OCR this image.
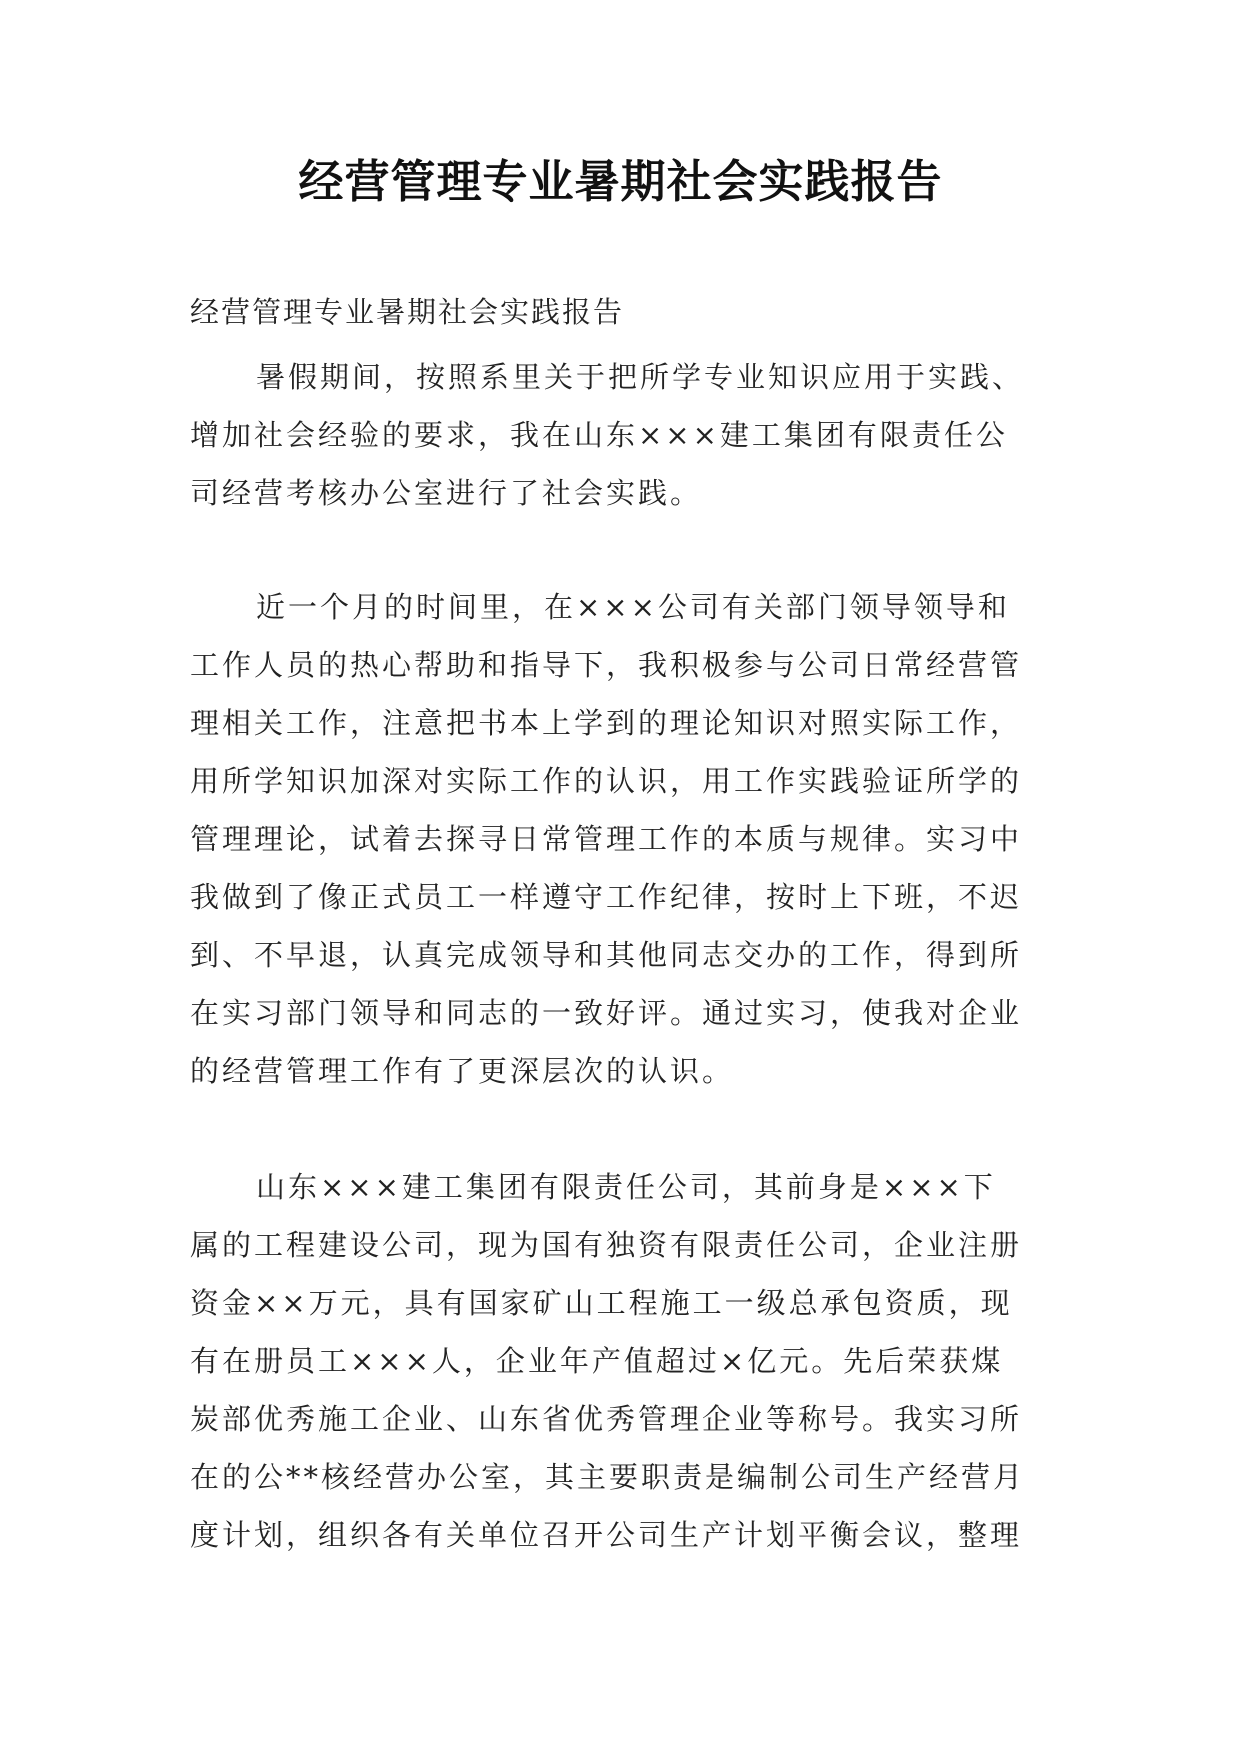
经营管理专业暑期社会实践报告

经营管理专业暑期社会实践报告

暑假期间，按照系里关于把所学专业知识应用于实践、
增加社会经验的要求，我在山东×××建工集团有限责任公
司经营考核办公室进行了社会实践。
近一个月的时间里，在×××公司有关部门领导领导和
工作人员的热心帮助和指导下，我积极参与公司日常经营管
理相关工作，注意把书本上学到的理论知识对照实际工作，
用所学知识加深对实际工作的认识，用工作实践验证所学的
管理理论，试着去探寻日常管理工作的本质与规律。实习中
我做到了像正式员工一样遵守工作纪律，按时上下班，不迟
到、不早退，认真完成领导和其他同志交办的工作，得到所
在实习部门领导和同志的一致好评。通过实习，使我对企业
的经营管理工作有了更深层次的认识。
山东×××建工集团有限责任公司，其前身是×××下
属的工程建设公司，现为国有独资有限责任公司，企业注册
资金××万元，具有国家矿山工程施工一级总承包资质，现
有在册员工×××人，企业年产值超过×亿元。先后荣获煤
炭部优秀施工企业、山东省优秀管理企业等称号。我实习所
在的公**核经营办公室，其主要职责是编制公司生产经营月
度计划，组织各有关单位召开公司生产计划平衡会议，整理
